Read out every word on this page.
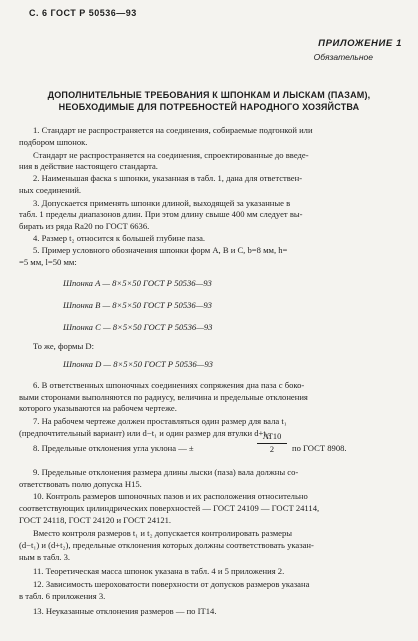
С. 6 ГОСТ Р 50536—93
ПРИЛОЖЕНИЕ 1
Обязательное
ДОПОЛНИТЕЛЬНЫЕ ТРЕБОВАНИЯ К ШПОНКАМ И ЛЫСКАМ (ПАЗАМ),
НЕОБХОДИМЫЕ ДЛЯ ПОТРЕБНОСТЕЙ НАРОДНОГО ХОЗЯЙСТВА
1. Стандарт не распространяется на соединения, собираемые подгонкой или
подбором шпонок.
Стандарт не распространяется на соединения, спроектированные до введе-
ния в действие настоящего стандарта.
2. Наименьшая фаска s шпонки, указанная в табл. 1, дана для ответствен-
ных соединений.
3. Допускается применять шпонки длиной, выходящей за указанные в
табл. 1 пределы диапазонов длин. При этом длину свыше 400 мм следует вы-
бирать из ряда Ra20 по ГОСТ 6636.
4. Размер t₂ относится к большей глубине паза.
5. Пример условного обозначения шпонки форм A, B и C, b=8 мм, h=
=5 мм, l=50 мм:
Шпонка A — 8×5×50 ГОСТ Р 50536—93
Шпонка B — 8×5×50 ГОСТ Р 50536—93
Шпонка C — 8×5×50 ГОСТ Р 50536—93
То же, формы D:
Шпонка D — 8×5×50 ГОСТ Р 50536—93
6. В ответственных шпоночных соединениях сопряжения дна паза с боко-
выми сторонами выполняются по радиусу, величина и предельные отклонения
которого указываются на рабочем чертеже.
7. На рабочем чертеже должен проставляться один размер для вала t₁
(предпочтительный вариант) или d−t₁ и один размер для втулки d+t₂.
8. Предельные отклонения угла уклона — ±
AT10
2	по ГОСТ 8908.
9. Предельные отклонения размера длины лыски (паза) вала должны со-
ответствовать полю допуска H15.
10. Контроль размеров шпоночных пазов и их расположения относительно
соответствующих цилиндрических поверхностей — ГОСТ 24109 — ГОСТ 24114,
ГОСТ 24118, ГОСТ 24120 и ГОСТ 24121.
Вместо контроля размеров t₁ и t₂ допускается контролировать размеры
(d−t₁) и (d+t₂), предельные отклонения которых должны соответствовать указан-
ным в табл. 3.
11. Теоретическая масса шпонок указана в табл. 4 и 5 приложения 2.
12. Зависимость шероховатости поверхности от допусков размеров указана
в табл. 6 приложения 3.
13. Неуказанные отклонения размеров — по IT14.
